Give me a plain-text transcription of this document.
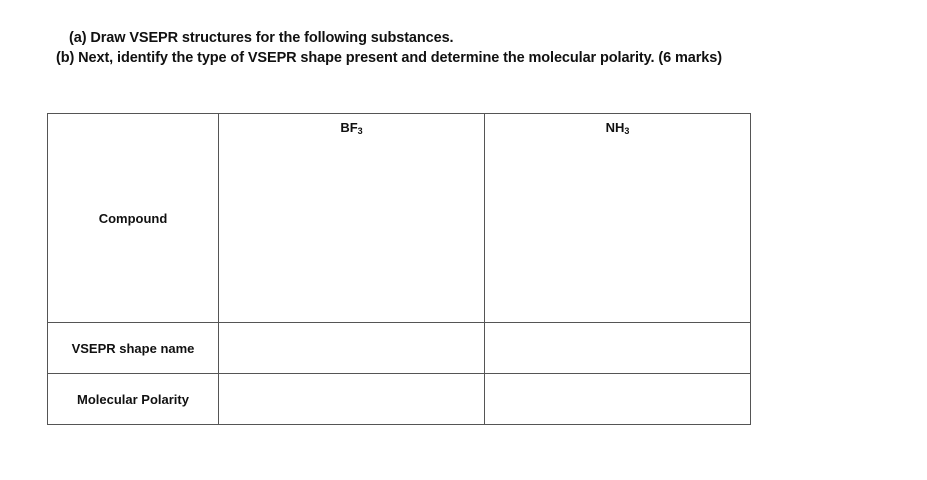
(a) Draw VSEPR structures for the following substances.
(b) Next, identify the type of VSEPR shape present and determine the molecular polarity. (6 marks)
Compound	$BF_3$	$NH_3$
VSEPR shape name		
Molecular Polarity		
